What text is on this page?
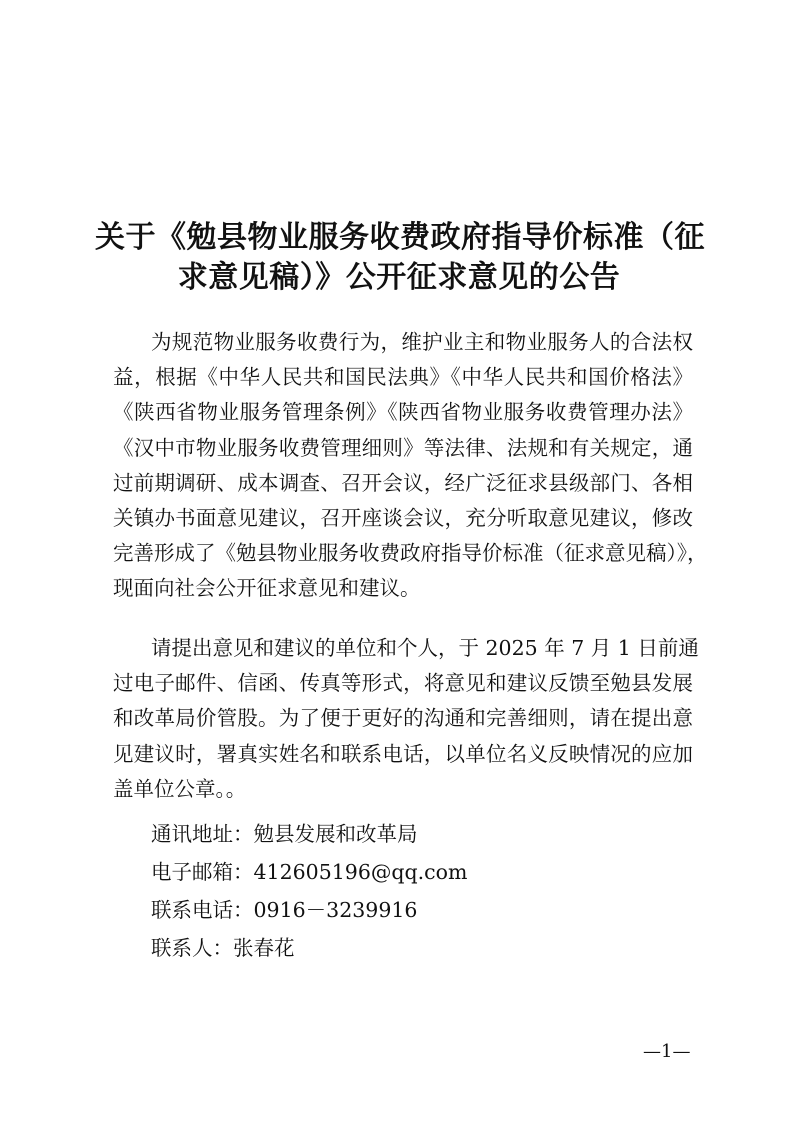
关于《勉县物业服务收费政府指导价标准（征
求意见稿）》公开征求意见的公告
为规范物业服务收费行为，维护业主和物业服务人的合法权
益，根据《中华人民共和国民法典》《中华人民共和国价格法》
《陕西省物业服务管理条例》《陕西省物业服务收费管理办法》
《汉中市物业服务收费管理细则》等法律、法规和有关规定，通
过前期调研、成本调查、召开会议，经广泛征求县级部门、各相
关镇办书面意见建议，召开座谈会议，充分听取意见建议，修改
完善形成了《勉县物业服务收费政府指导价标准（征求意见稿）》，
现面向社会公开征求意见和建议。
请提出意见和建议的单位和个人，于 2025 年 7 月 1 日前通
过电子邮件、信函、传真等形式，将意见和建议反馈至勉县发展
和改革局价管股。为了便于更好的沟通和完善细则，请在提出意
见建议时，署真实姓名和联系电话，以单位名义反映情况的应加
盖单位公章。。
通讯地址：勉县发展和改革局
电子邮箱：412605196@qq.com
联系电话：0916－3239916
联系人：张春花
—1—
